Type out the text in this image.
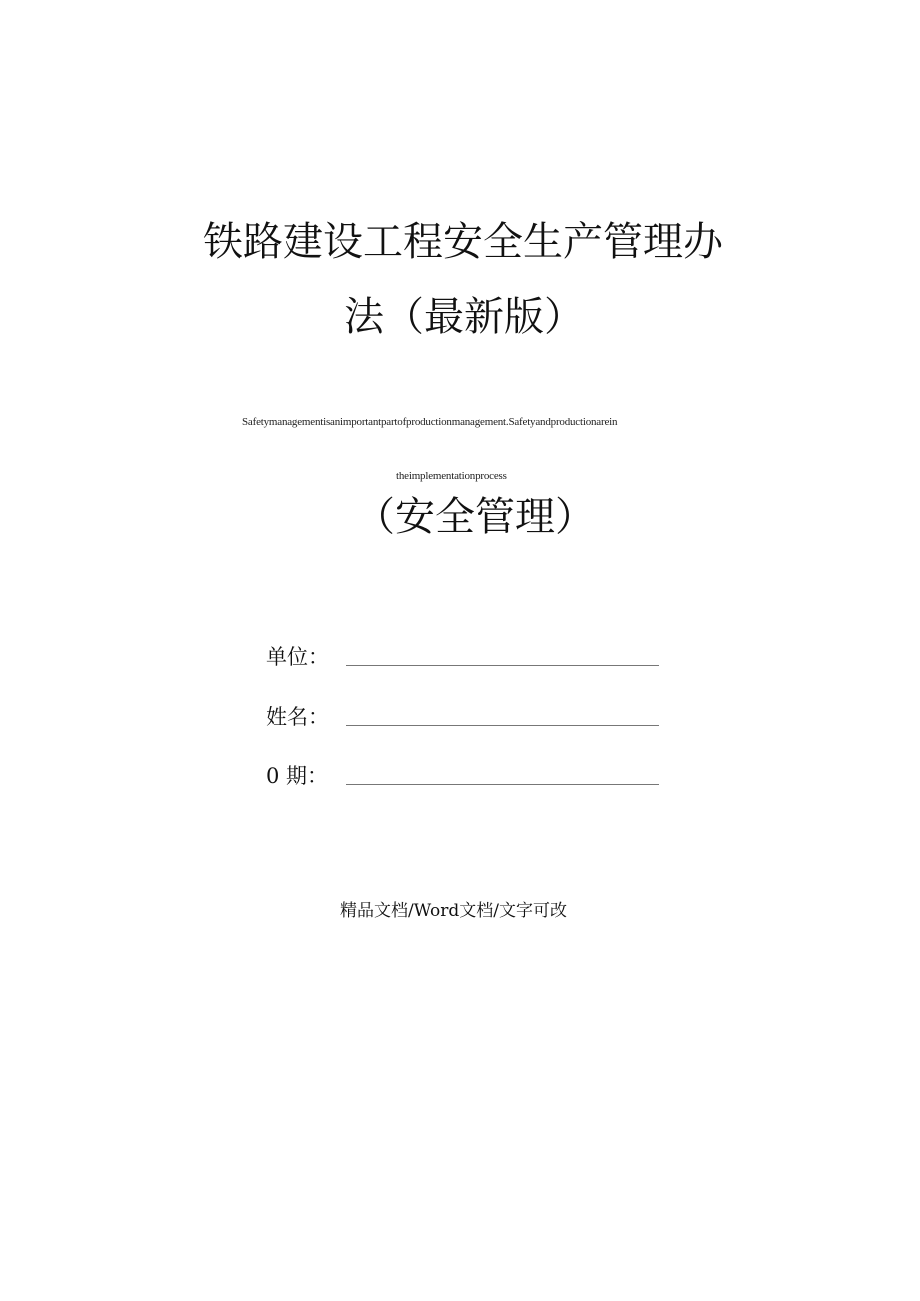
铁路建设工程安全生产管理办
法（最新版）
Safetymanagementisanimportantpartofproductionmanagement.Safetyandproductionarein
theimplementationprocess
（安全管理）
单位：
姓名：
0 期：
精品文档/Word文档/文字可改
